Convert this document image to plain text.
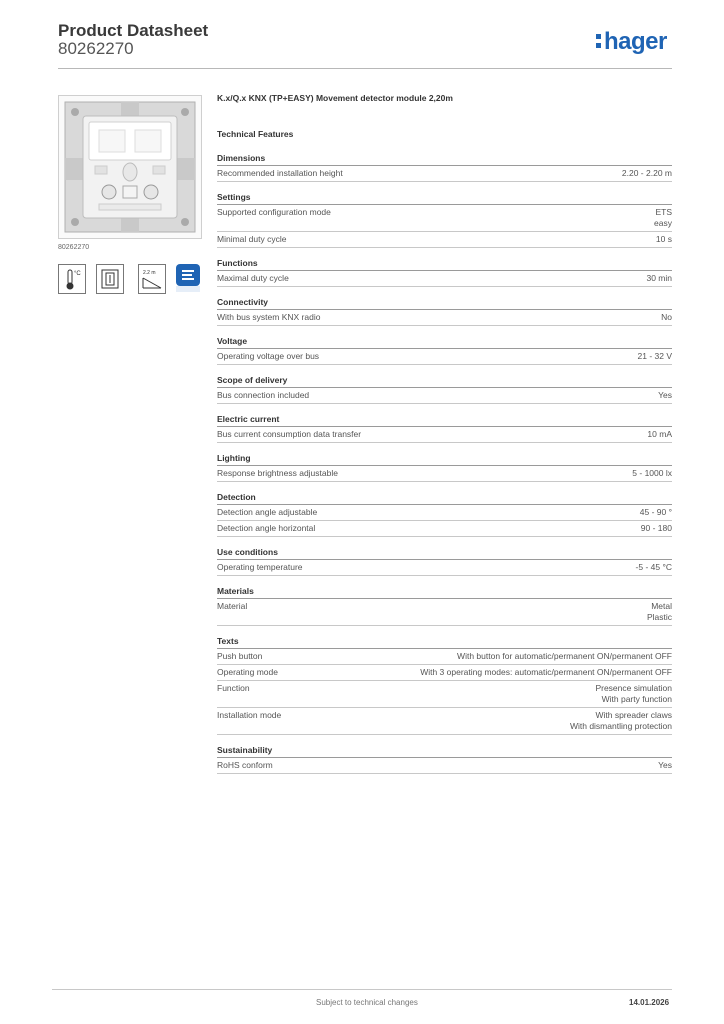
Product Datasheet
80262270	hager
80262270
°C	2.2 m
K.x/Q.x KNX (TP+EASY) Movement detector module 2,20m
Technical Features
Dimensions
Recommended installation height	2.20 - 2.20 m
Settings
Supported configuration mode	ETS
easy
Minimal duty cycle	10 s
Functions
Maximal duty cycle	30 min
Connectivity
With bus system KNX radio	No
Voltage
Operating voltage over bus	21 - 32 V
Scope of delivery
Bus connection included	Yes
Electric current
Bus current consumption data transfer	10 mA
Lighting
Response brightness adjustable	5 - 1000 lx
Detection
Detection angle adjustable	45 - 90 °
Detection angle horizontal	90 - 180
Use conditions
Operating temperature	-5 - 45 °C
Materials
Material	Metal
Plastic
Texts
Push button	With button for automatic/permanent ON/permanent OFF
Operating mode	With 3 operating modes: automatic/permanent ON/permanent OFF
Function	Presence simulation
With party function
Installation mode	With spreader claws
With dismantling protection
Sustainability
RoHS conform	Yes
Subject to technical changes	14.01.2026
